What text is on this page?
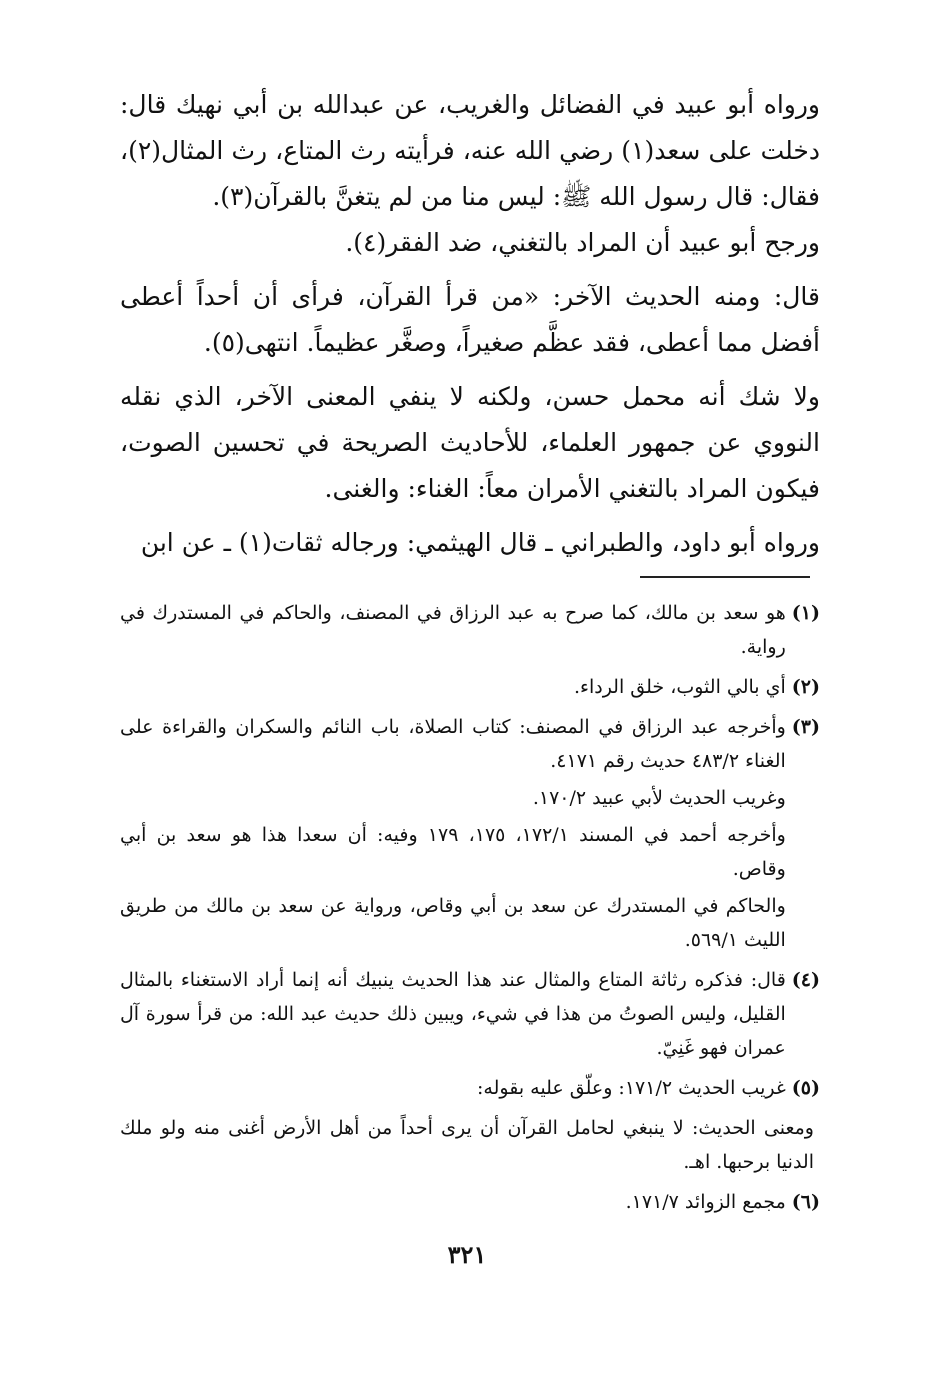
ورواه أبو عبيد في الفضائل والغريب، عن عبدالله بن أبي نهيك قال: دخلت على سعد(١) رضي الله عنه، فرأيته رث المتاع، رث المثال(٢)، فقال: قال رسول الله ﷺ: ليس منا من لم يتغنَّ بالقرآن(٣).

ورجح أبو عبيد أن المراد بالتغني، ضد الفقر(٤).

قال: ومنه الحديث الآخر: «من قرأ القرآن، فرأى أن أحداً أعطى أفضل مما أعطى، فقد عظَّم صغيراً، وصغَّر عظيماً. انتهى(٥).

ولا شك أنه محمل حسن، ولكنه لا ينفي المعنى الآخر، الذي نقله النووي عن جمهور العلماء، للأحاديث الصريحة في تحسين الصوت، فيكون المراد بالتغني الأمران معاً: الغناء: والغنى.

ورواه أبو داود، والطبراني ـ قال الهيثمي: ورجاله ثقات(١) ـ عن ابن

(١)

هو سعد بن مالك، كما صرح به عبد الرزاق في المصنف، والحاكم في المستدرك في رواية.

(٢)

أي بالي الثوب، خلق الرداء.

(٣)

وأخرجه عبد الرزاق في المصنف: كتاب الصلاة، باب النائم والسكران والقراءة على الغناء ٤٨٣/٢ حديث رقم ٤١٧١.

وغريب الحديث لأبي عبيد ١٧٠/٢.

وأخرجه أحمد في المسند ١٧٢/١، ١٧٥، ١٧٩ وفيه: أن سعدا هذا هو سعد بن أبي وقاص.

والحاكم في المستدرك عن سعد بن أبي وقاص، ورواية عن سعد بن مالك من طريق الليث ٥٦٩/١.

(٤)

قال: فذكره رثاثة المتاع والمثال عند هذا الحديث ينبيك أنه إنما أراد الاستغناء بالمثال القليل، وليس الصوتُ من هذا في شيء، ويبين ذلك حديث عبد الله: من قرأ سورة آل عمران فهو غَنِيّ.

(٥)

غريب الحديث ١٧١/٢: وعلّق عليه بقوله:

ومعنى الحديث: لا ينبغي لحامل القرآن أن يرى أحداً من أهل الأرض أغنى منه ولو ملك الدنيا برحبها. اهـ.

(٦)

مجمع الزوائد ١٧١/٧.

٣٢١
